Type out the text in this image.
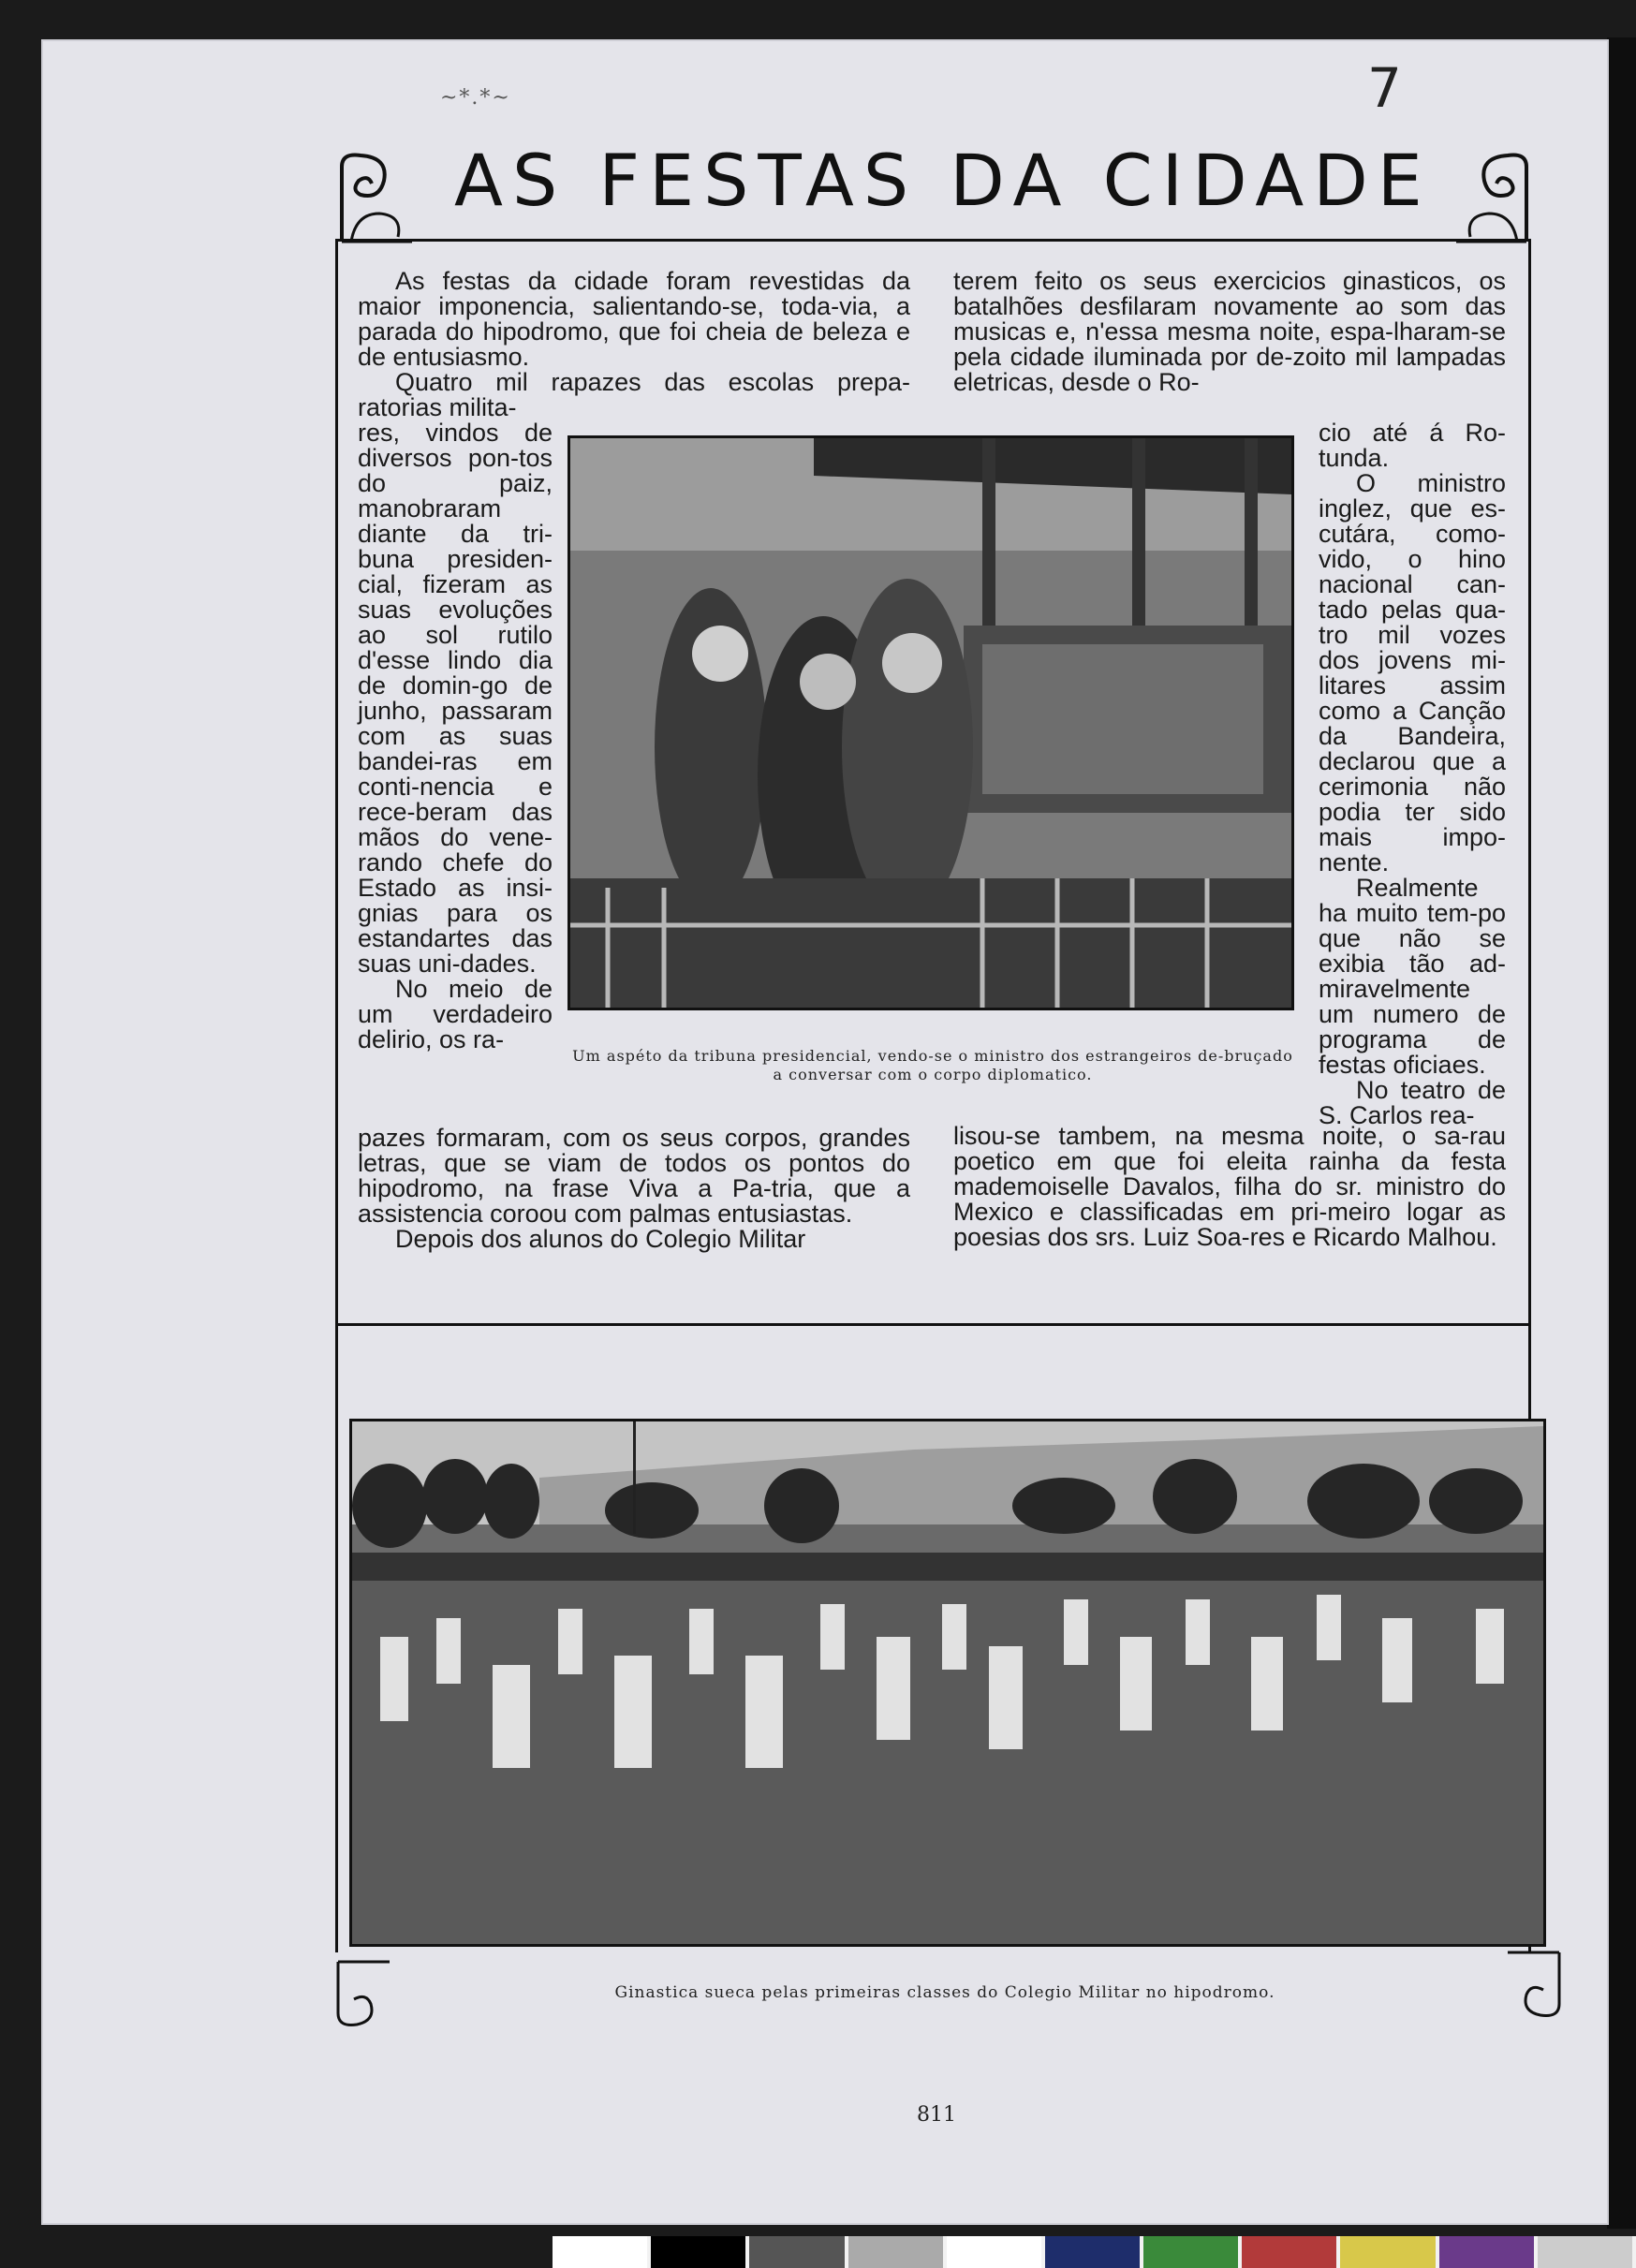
7
~*.*~
AS FESTAS DA CIDADE

As festas da cidade foram revestidas da maior imponencia, salientando-se, toda-via, a parada do hipodromo, que foi cheia de beleza e de entusiasmo.

Quatro mil rapazes das escolas prepa-ratorias milita-

res, vindos de diversos pon-tos do paiz, manobraram diante da tri-buna presiden-cial, fizeram as suas evoluções ao sol rutilo d'esse lindo dia de domin-go de junho, passaram com as suas bandei-ras em conti-nencia e rece-beram das mãos do vene-rando chefe do Estado as insi-gnias para os estandartes das suas uni-dades.

No meio de um verdadeiro delirio, os ra-

pazes formaram, com os seus corpos, grandes letras, que se viam de todos os pontos do hipodromo, na frase Viva a Pa-tria, que a assistencia coroou com palmas entusiastas.

Depois dos alunos do Colegio Militar

terem feito os seus exercicios ginasticos, os batalhões desfilaram novamente ao som das musicas e, n'essa mesma noite, espa-lharam-se pela cidade iluminada por de-zoito mil lampadas eletricas, desde o Ro-

cio até á Ro-tunda.

O ministro inglez, que es-cutára, como-vido, o hino nacional can-tado pelas qua-tro mil vozes dos jovens mi-litares assim como a Canção da Bandeira, declarou que a cerimonia não podia ter sido mais impo-nente.

Realmente ha muito tem-po que não se exibia tão ad-miravelmente um numero de programa de festas oficiaes.

No teatro de S. Carlos rea-

lisou-se tambem, na mesma noite, o sa-rau poetico em que foi eleita rainha da festa mademoiselle Davalos, filha do sr. ministro do Mexico e classificadas em pri-meiro logar as poesias dos srs. Luiz Soa-res e Ricardo Malhou.

Um aspéto da tribuna presidencial, vendo-se o ministro dos estrangeiros de-bruçado a conversar com o corpo diplomatico.
Ginastica sueca pelas primeiras classes do Colegio Militar no hipodromo.
811
